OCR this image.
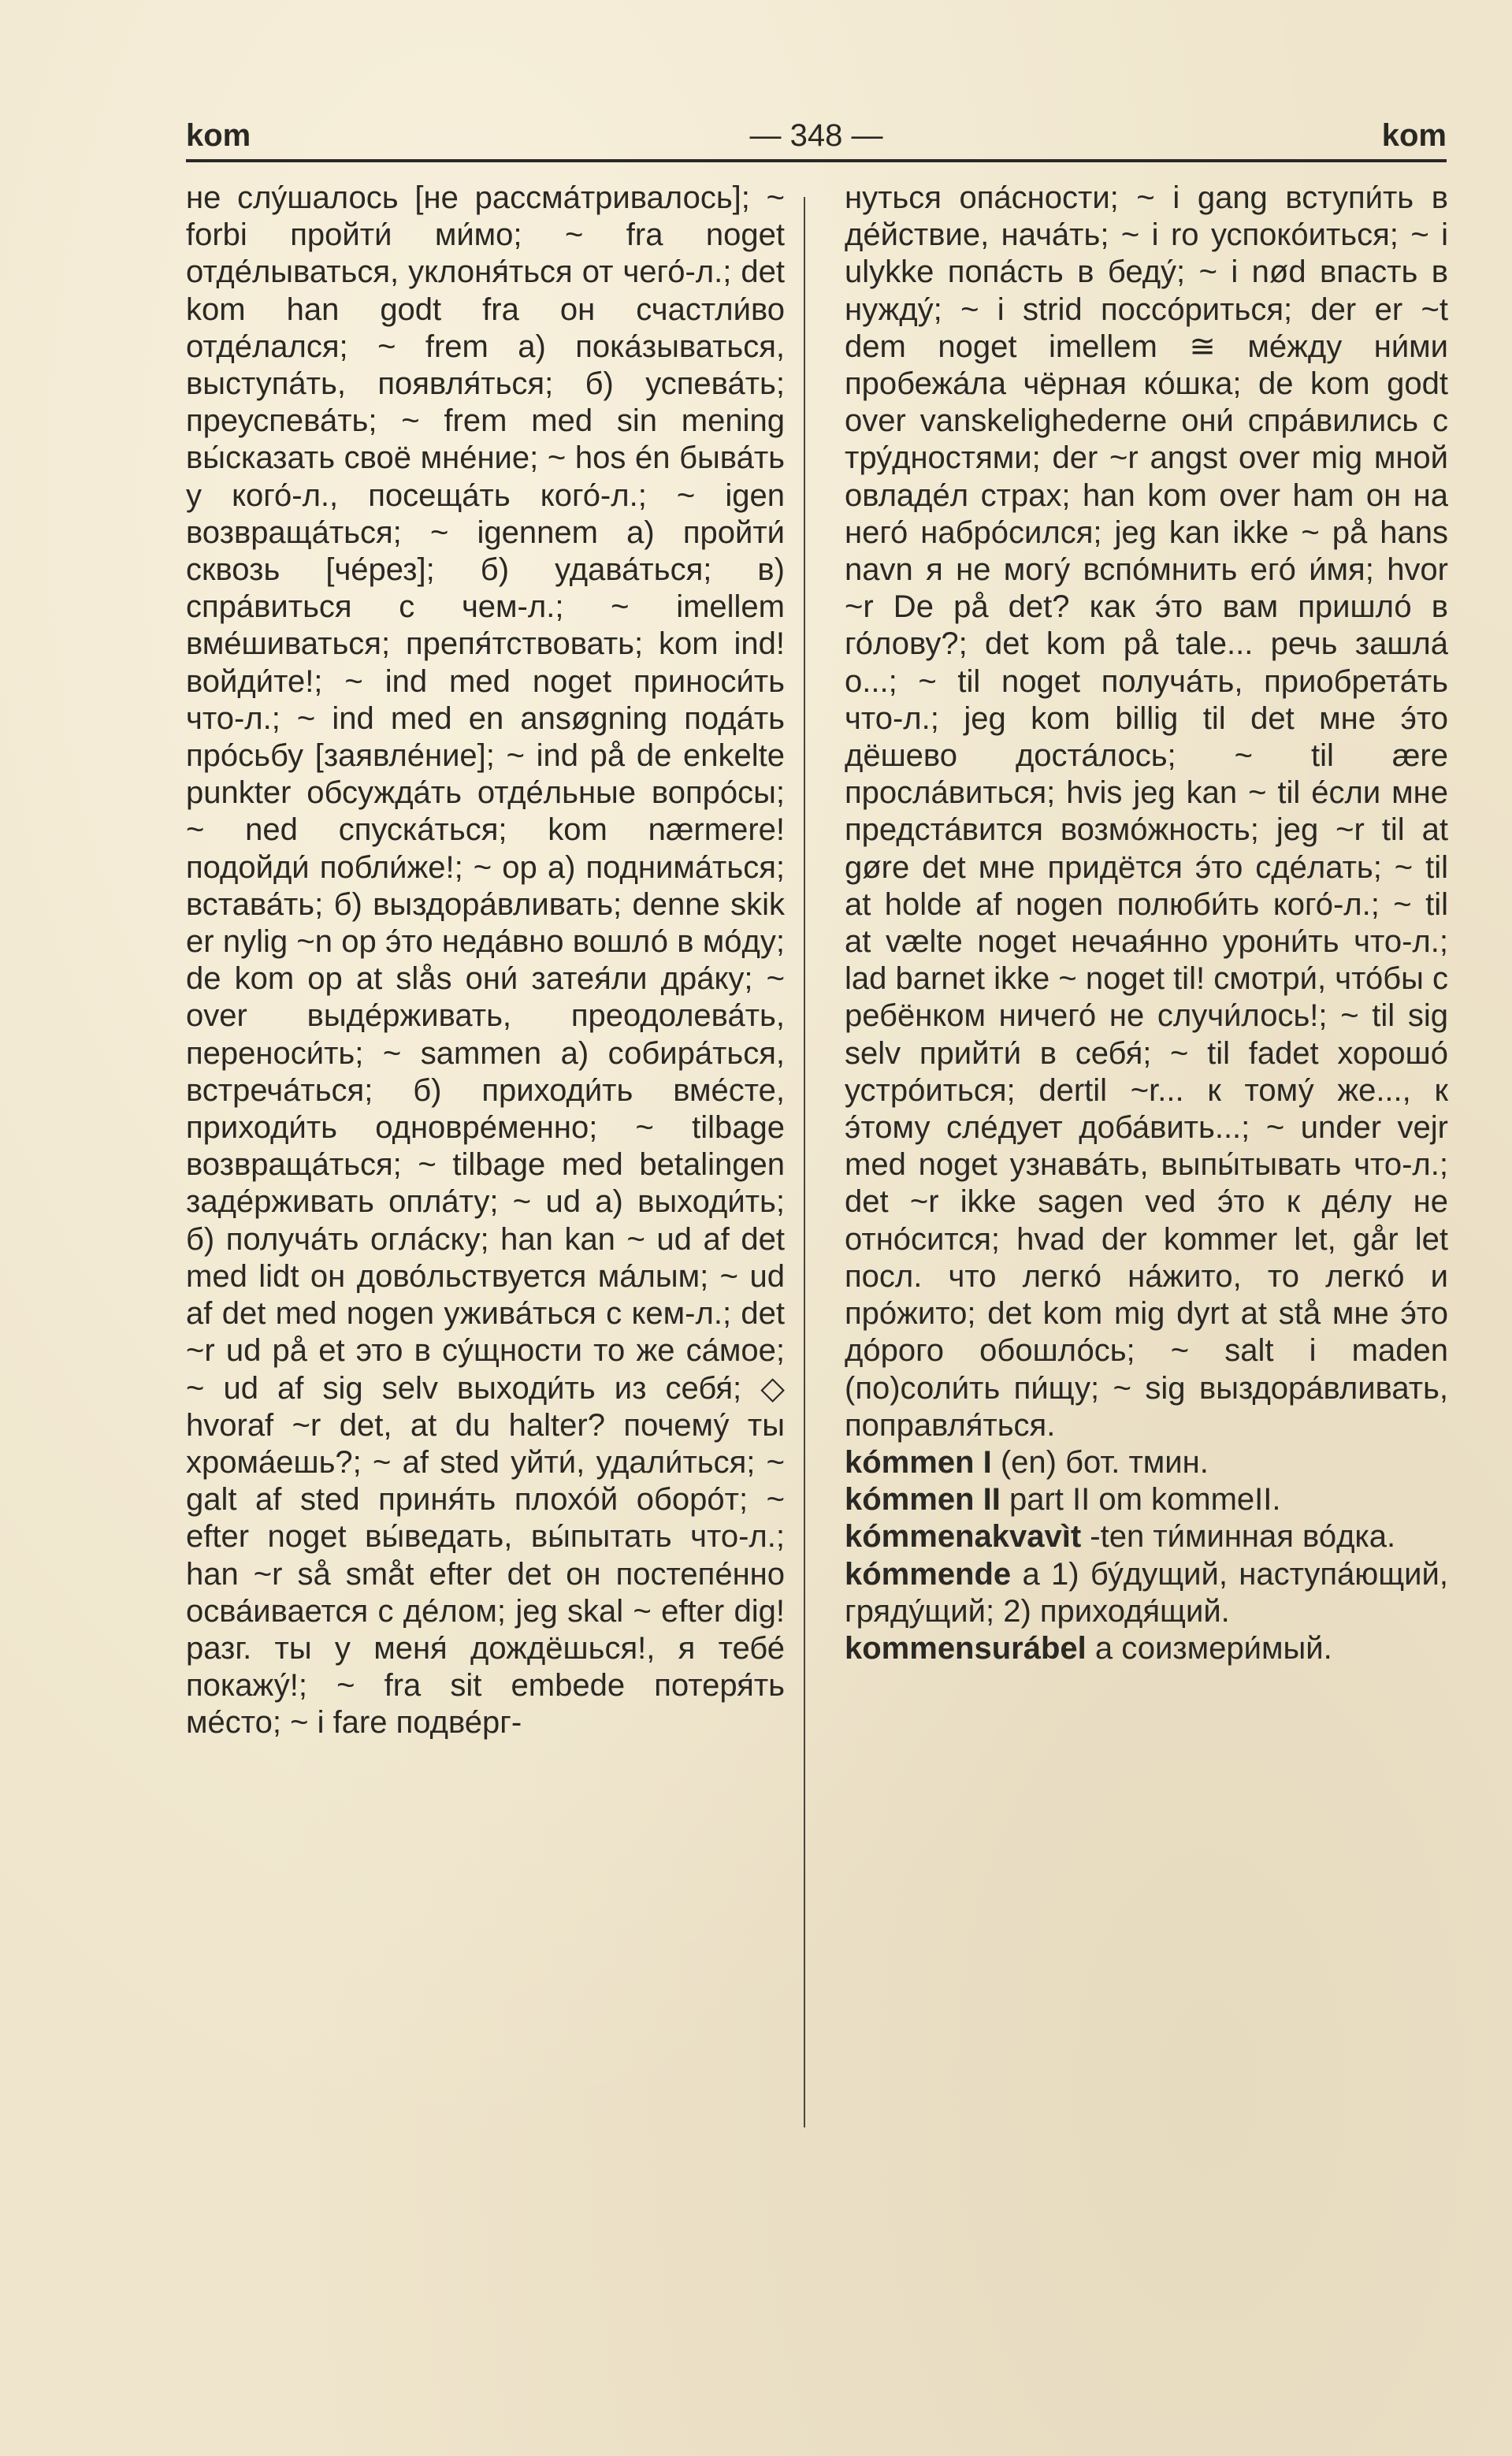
kom	— 348 —	kom

не слу́шалось [не рассма́тривалось]; ~ forbi пройти́ ми́мо; ~ fra noget отде́лываться, уклоня́ться от чего́-л.; det kom han godt fra он счастли́во отде́лался; ~ frem а) пока́зываться, выступа́ть, появля́ться; б) успева́ть; преуспева́ть; ~ frem med sin mening вы́сказать своё мне́ние; ~ hos én быва́ть у кого́-л., посеща́ть кого́-л.; ~ igen возвраща́ться; ~ igennem а) пройти́ сквозь [че́рез]; б) удава́ться; в) спра́виться с чем-л.; ~ imellem вме́шиваться; препя́тствовать; kom ind! войди́те!; ~ ind med noget приноси́ть что-л.; ~ ind med en ansøgning пода́ть про́сьбу [заявле́ние]; ~ ind på de enkelte punkter обсужда́ть отде́льные вопро́сы; ~ ned спуска́ться; kom nærmere! подойди́ побли́же!; ~ op а) поднима́ться; встава́ть; б) выздора́вливать; denne skik er nylig ~n op э́то неда́вно вошло́ в мо́ду; de kom op at slås они́ затея́ли дра́ку; ~ over выде́рживать, преодолева́ть, переноси́ть; ~ sammen а) собира́ться, встреча́ться; б) приходи́ть вме́сте, приходи́ть одновре́менно; ~ tilbage возвраща́ться; ~ tilbage med betalingen заде́рживать опла́ту; ~ ud а) выходи́ть; б) получа́ть огла́ску; han kan ~ ud af det med lidt он дово́льствуется ма́лым; ~ ud af det med nogen ужива́ться с кем-л.; det ~r ud på et это в су́щности то же са́мое; ~ ud af sig selv выходи́ть из себя́; ◇ hvoraf ~r det, at du halter? почему́ ты хрома́ешь?; ~ af sted уйти́, удали́ться; ~ galt af sted приня́ть плохо́й оборо́т; ~ efter noget вы́ведать, вы́пытать что-л.; han ~r så småt efter det он постепе́нно осва́ивается с де́лом; jeg skal ~ efter dig! разг. ты у меня́ дождёшься!, я тебе́ покажу́!; ~ fra sit embede потеря́ть ме́сто; ~ i fare подве́рг-

нуться опа́сности; ~ i gang вступи́ть в де́йствие, нача́ть; ~ i ro успоко́иться; ~ i ulykke попа́сть в беду́; ~ i nød впасть в нужду́; ~ i strid поссо́риться; der er ~t dem noget imellem ≅ ме́жду ни́ми пробежа́ла чёрная ко́шка; de kom godt over vanskelighederne они́ спра́вились с тру́дностями; der ~r angst over mig мной овладе́л страх; han kom over ham он на него́ набро́сился; jeg kan ikke ~ på hans navn я не могу́ вспо́мнить его́ и́мя; hvor ~r De på det? как э́то вам пришло́ в го́лову?; det kom på tale... речь зашла́ о...; ~ til noget получа́ть, приобрета́ть что-л.; jeg kom billig til det мне э́то дёшево доста́лось; ~ til ære просла́виться; hvis jeg kan ~ til е́сли мне предста́вится возмо́жность; jeg ~r til at gøre det мне придётся э́то сде́лать; ~ til at holde af nogen полюби́ть кого́-л.; ~ til at vælte noget нечая́нно урони́ть что-л.; lad barnet ikke ~ noget til! смотри́, что́бы с ребёнком ничего́ не случи́лось!; ~ til sig selv прийти́ в себя́; ~ til fadet хорошо́ устро́иться; dertil ~r... к тому́ же..., к э́тому сле́дует доба́вить...; ~ under vejr med noget узнава́ть, выпы́тывать что-л.; det ~r ikke sagen ved э́то к де́лу не отно́сится; hvad der kommer let, går let посл. что легко́ на́жито, то легко́ и про́жито; det kom mig dyrt at stå мне э́то до́рого обошло́сь; ~ salt i maden (по)соли́ть пи́щу; ~ sig выздора́вливать, поправля́ться.

kómmen I (en) бот. тмин.

kómmen II part II om kommeII.

kómmenakvavìt -ten ти́минная во́дка.

kómmende a 1) бу́дущий, наступа́ющий, гряду́щий; 2) приходя́щий.

kommensurábel a соизмери́мый.
